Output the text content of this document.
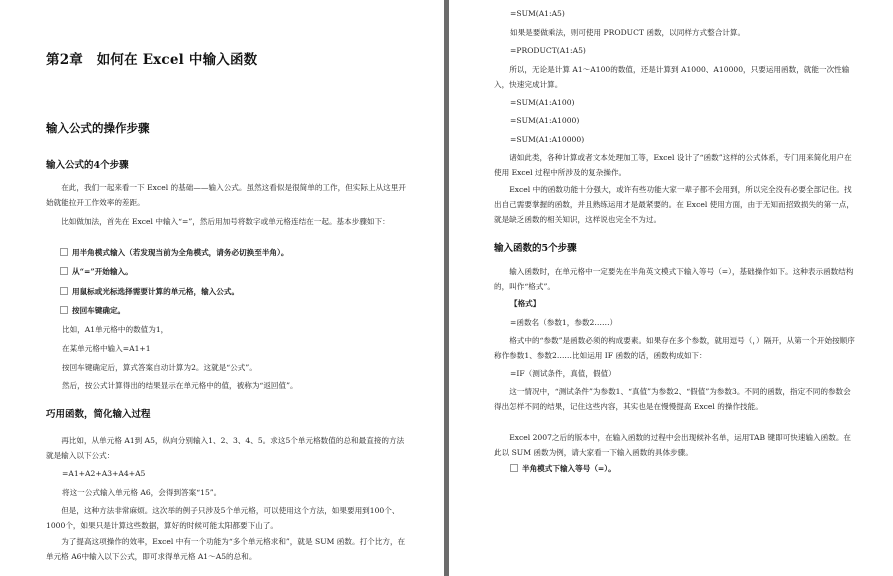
第2章　如何在 Excel 中输入函数
输入公式的操作步骤
输入公式的4个步骤
在此，我们一起来看一下 Excel 的基础——输入公式。虽然这看似是很简单的工作，但实际上从这里开始就能拉开工作效率的差距。
比如做加法，首先在 Excel 中输入“=”，然后用加号将数字或单元格连结在一起。基本步骤如下：
用半角模式输入（若发现当前为全角模式，请务必切换至半角）。
从“=”开始输入。
用鼠标或光标选择需要计算的单元格，输入公式。
按回车键确定。
比如，A1单元格中的数值为1，
在某单元格中输入=A1+1
按回车键确定后，算式答案自动计算为2。这就是“公式”。
然后，按公式计算得出的结果显示在单元格中的值，被称为“返回值”。
巧用函数，简化输入过程
再比如，从单元格 A1到 A5，纵向分别输入1、2、3、4、5。求这5个单元格数值的总和最直接的方法就是输入以下公式：
=A1+A2+A3+A4+A5
将这一公式输入单元格 A6，会得到答案“15”。
但是，这种方法非常麻烦。这次举的例子只涉及5个单元格，可以使用这个方法，如果要用到100个、1000个，如果只是计算这些数据，算好的时候可能太阳都要下山了。
为了提高这项操作的效率，Excel 中有一个功能为“多个单元格求和”，就是 SUM 函数。打个比方，在单元格 A6中输入以下公式，即可求得单元格 A1～A5的总和。
=SUM(A1:A5)
如果是要做乘法，则可使用 PRODUCT 函数，以同样方式整合计算。
=PRODUCT(A1:A5)
所以，无论是计算 A1～A100的数值，还是计算到 A1000、A10000，只要运用函数，就能一次性输入，快速完成计算。
=SUM(A1:A100)
=SUM(A1:A1000)
=SUM(A1:A10000)
诸如此类，各种计算或者文本处理加工等，Excel 设计了“函数”这样的公式体系，专门用来简化用户在使用 Excel 过程中所涉及的复杂操作。
Excel 中的函数功能十分强大，或许有些功能大家一辈子都不会用到，所以完全没有必要全部记住。找出自己需要掌握的函数，并且熟练运用才是最紧要的。在 Excel 使用方面，由于无知而招致损失的第一点，就是缺乏函数的相关知识，这样说也完全不为过。
输入函数的5个步骤
输入函数时，在单元格中一定要先在半角英文模式下输入等号（=），基础操作如下。这种表示函数结构的，叫作“格式”。
【格式】
=函数名（参数1，参数2……）
格式中的“参数”是函数必须的构成要素。如果存在多个参数，就用逗号（，）隔开，从第一个开始按顺序称作参数1、参数2……比如运用 IF 函数的话，函数构成如下：
=IF（测试条件，真值，假值）
这一情况中，“测试条件”为参数1、“真值”为参数2、“假值”为参数3。不同的函数，指定不同的参数会得出怎样不同的结果，记住这些内容，其实也是在慢慢提高 Excel 的操作技能。
Excel 2007之后的版本中，在输入函数的过程中会出现候补名单，运用TAB 键即可快速输入函数。在此以 SUM 函数为例，请大家看一下输入函数的具体步骤。
半角模式下输入等号（=）。
